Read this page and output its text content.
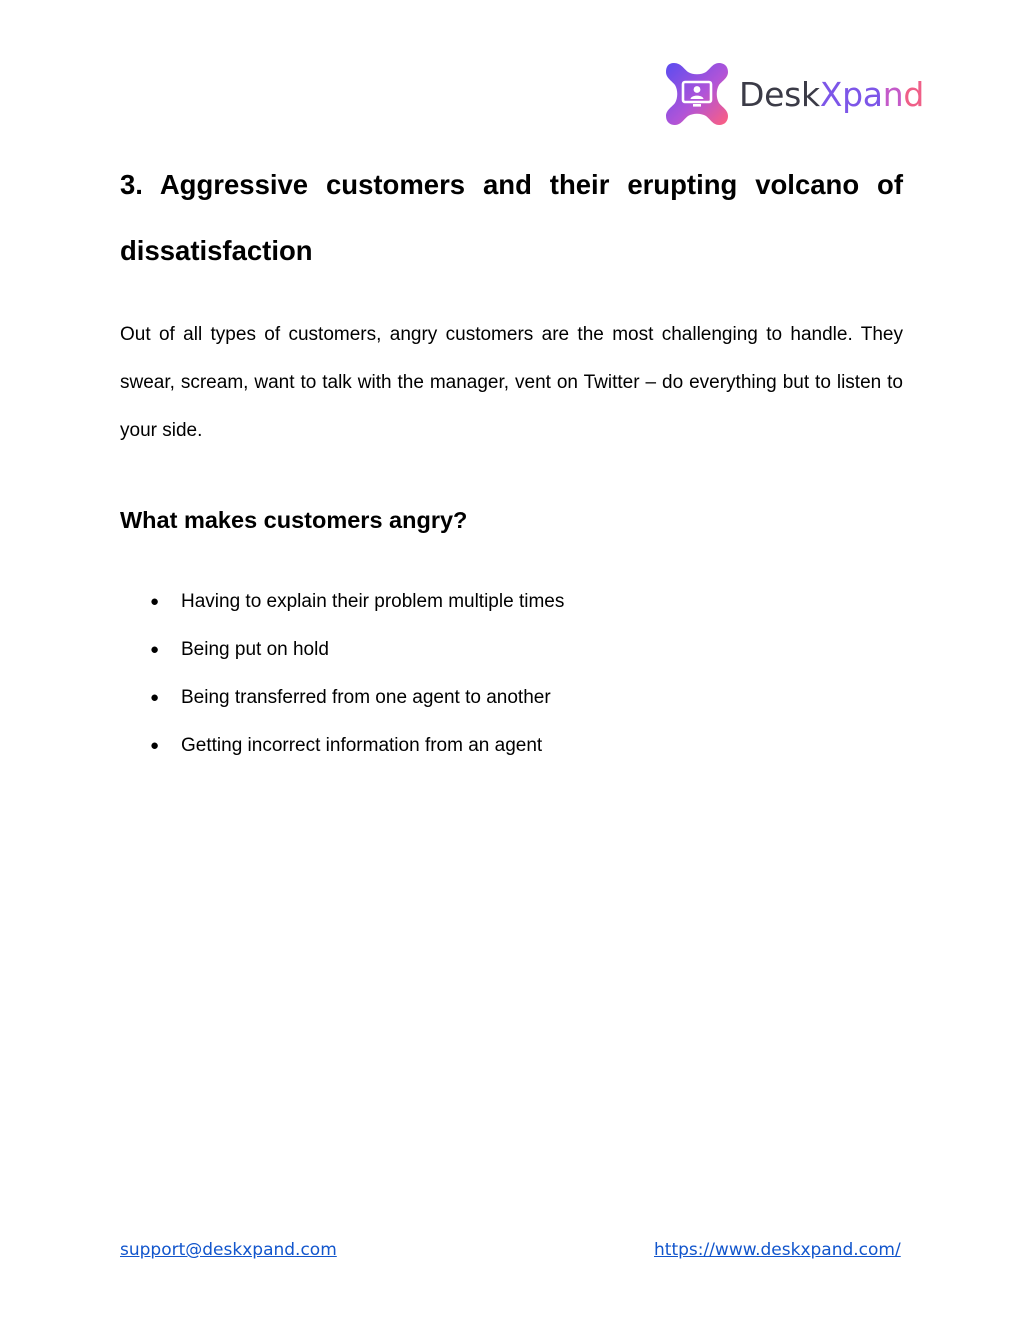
DeskXpand
3. Aggressive customers and their erupting volcano of
dissatisfaction

Out of all types of customers, angry customers are the most challenging to handle. They swear, scream, want to talk with the manager, vent on Twitter – do everything but to listen to your side.

What makes customers angry?
● Having to explain their problem multiple times
● Being put on hold
● Being transferred from one agent to another
● Getting incorrect information from an agent
support@deskxpand.com	https://www.deskxpand.com/
